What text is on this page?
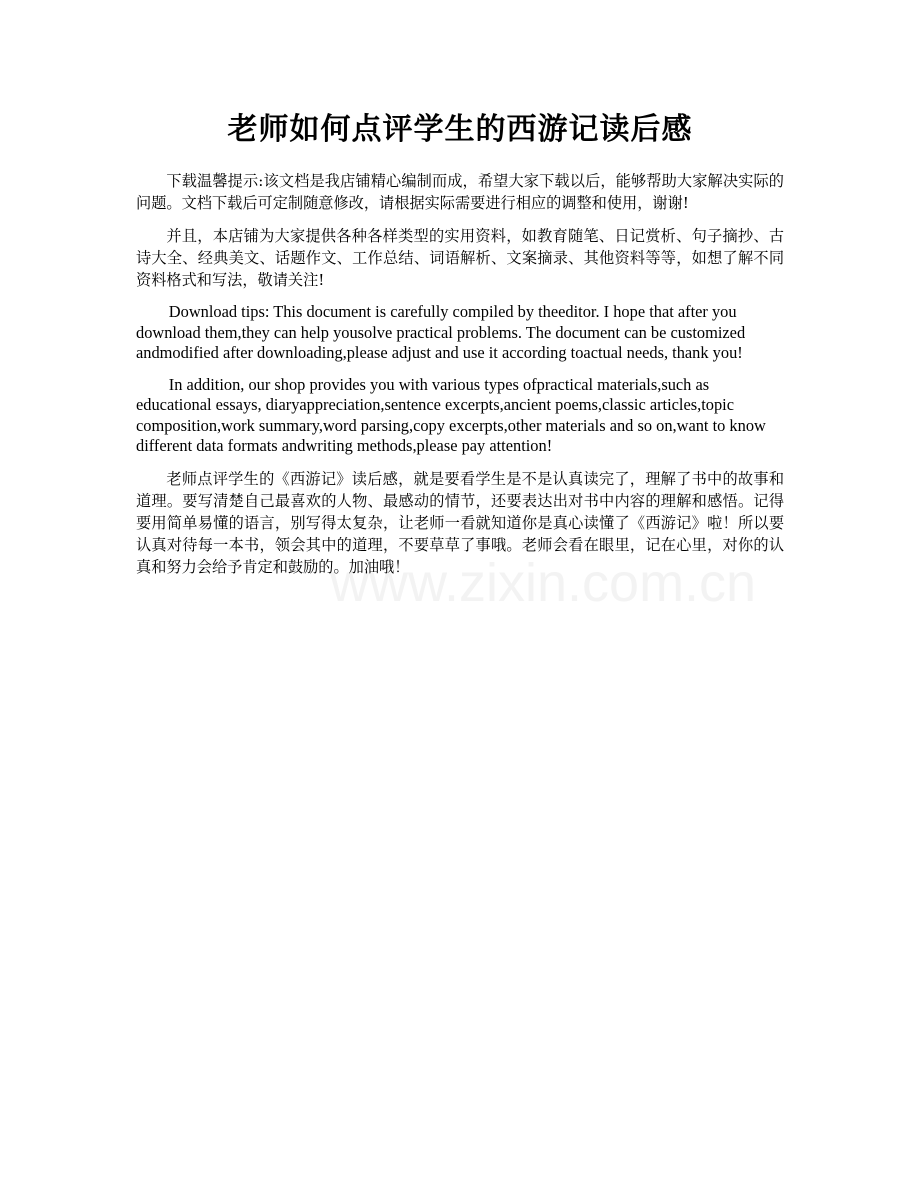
www.zixin.com.cn
老师如何点评学生的西游记读后感

下载温馨提示:该文档是我店铺精心编制而成，希望大家下载以后，能够帮助大家解决实际的问题。文档下载后可定制随意修改，请根据实际需要进行相应的调整和使用，谢谢!

并且，本店铺为大家提供各种各样类型的实用资料，如教育随笔、日记赏析、句子摘抄、古诗大全、经典美文、话题作文、工作总结、词语解析、文案摘录、其他资料等等，如想了解不同资料格式和写法，敬请关注!

Download tips: This document is carefully compiled by theeditor. I hope that after you download them,they can help yousolve practical problems. The document can be customized andmodified after downloading,please adjust and use it according toactual needs, thank you!

In addition, our shop provides you with various types ofpractical materials,such as educational essays, diaryappreciation,sentence excerpts,ancient poems,classic articles,topic composition,work summary,word parsing,copy excerpts,other materials and so on,want to know different data formats andwriting methods,please pay attention!

老师点评学生的《西游记》读后感，就是要看学生是不是认真读完了，理解了书中的故事和道理。要写清楚自己最喜欢的人物、最感动的情节，还要表达出对书中内容的理解和感悟。记得要用简单易懂的语言，别写得太复杂，让老师一看就知道你是真心读懂了《西游记》啦！所以要认真对待每一本书，领会其中的道理，不要草草了事哦。老师会看在眼里，记在心里，对你的认真和努力会给予肯定和鼓励的。加油哦！
